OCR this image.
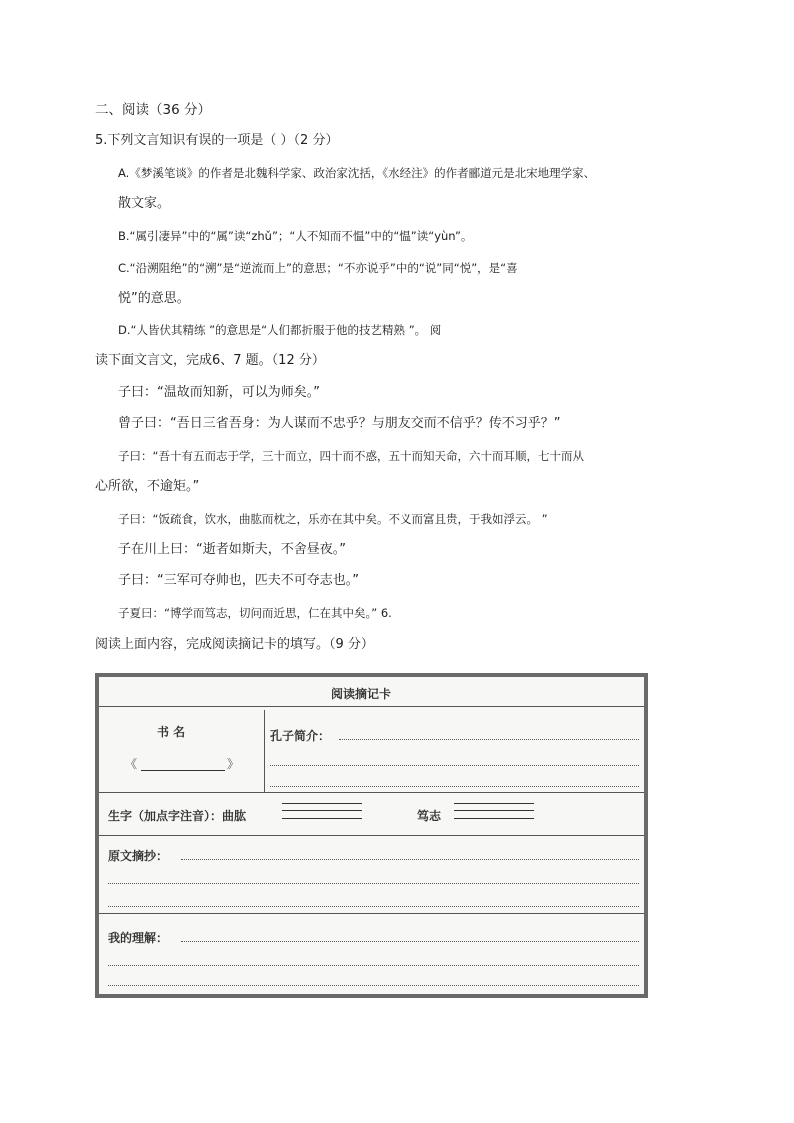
二、阅读（36 分）
5.下列文言知识有误的一项是（ ）（2 分）
A.《梦溪笔谈》的作者是北魏科学家、政治家沈括，《水经注》的作者郦道元是北宋地理学家、
散文家。
B.“属引凄异”中的“属”读“zhǔ”；“人不知而不愠”中的“愠”读“yùn”。
C.“沿溯阻绝”的“溯”是“逆流而上”的意思；“不亦说乎”中的“说”同“悦”，是“喜
悦”的意思。
D.“人皆伏其精练 ”的意思是“人们都折服于他的技艺精熟 ”。 阅
读下面文言文，完成6、7 题。（12 分）
子曰：“温故而知新，可以为师矣。”
曾子曰：“吾日三省吾身：为人谋而不忠乎？与朋友交而不信乎？传不习乎？”
子曰：“吾十有五而志于学，三十而立，四十而不惑，五十而知天命，六十而耳顺，七十而从
心所欲，不逾矩。”
子曰：“饭疏食，饮水，曲肱而枕之，乐亦在其中矣。不义而富且贵，于我如浮云。 ”
子在川上曰：“逝者如斯夫，不舍昼夜。”
子曰：“三军可夺帅也，匹夫不可夺志也。”
子夏曰：“博学而笃志，切问而近思，仁在其中矣。” 6.
阅读上面内容，完成阅读摘记卡的填写。（9 分）
阅读摘记卡
书 名
《	》
孔子简介：
生字（加点字注音）：曲肱	笃志
原文摘抄：
我的理解：
